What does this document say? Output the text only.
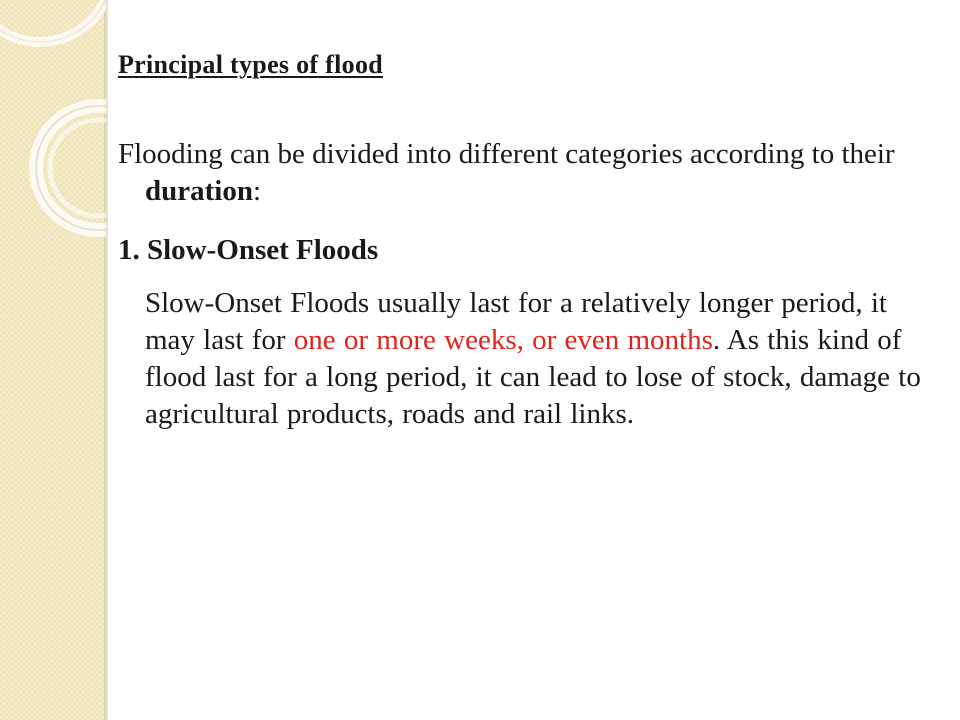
Principal types of flood

Flooding can be divided into different categories according to their duration:

1. Slow-Onset Floods

Slow-Onset Floods usually last for a relatively longer period, it may last for one or more weeks, or even months. As this kind of flood last for a long period, it can lead to lose of stock, damage to agricultural products, roads and rail links.
